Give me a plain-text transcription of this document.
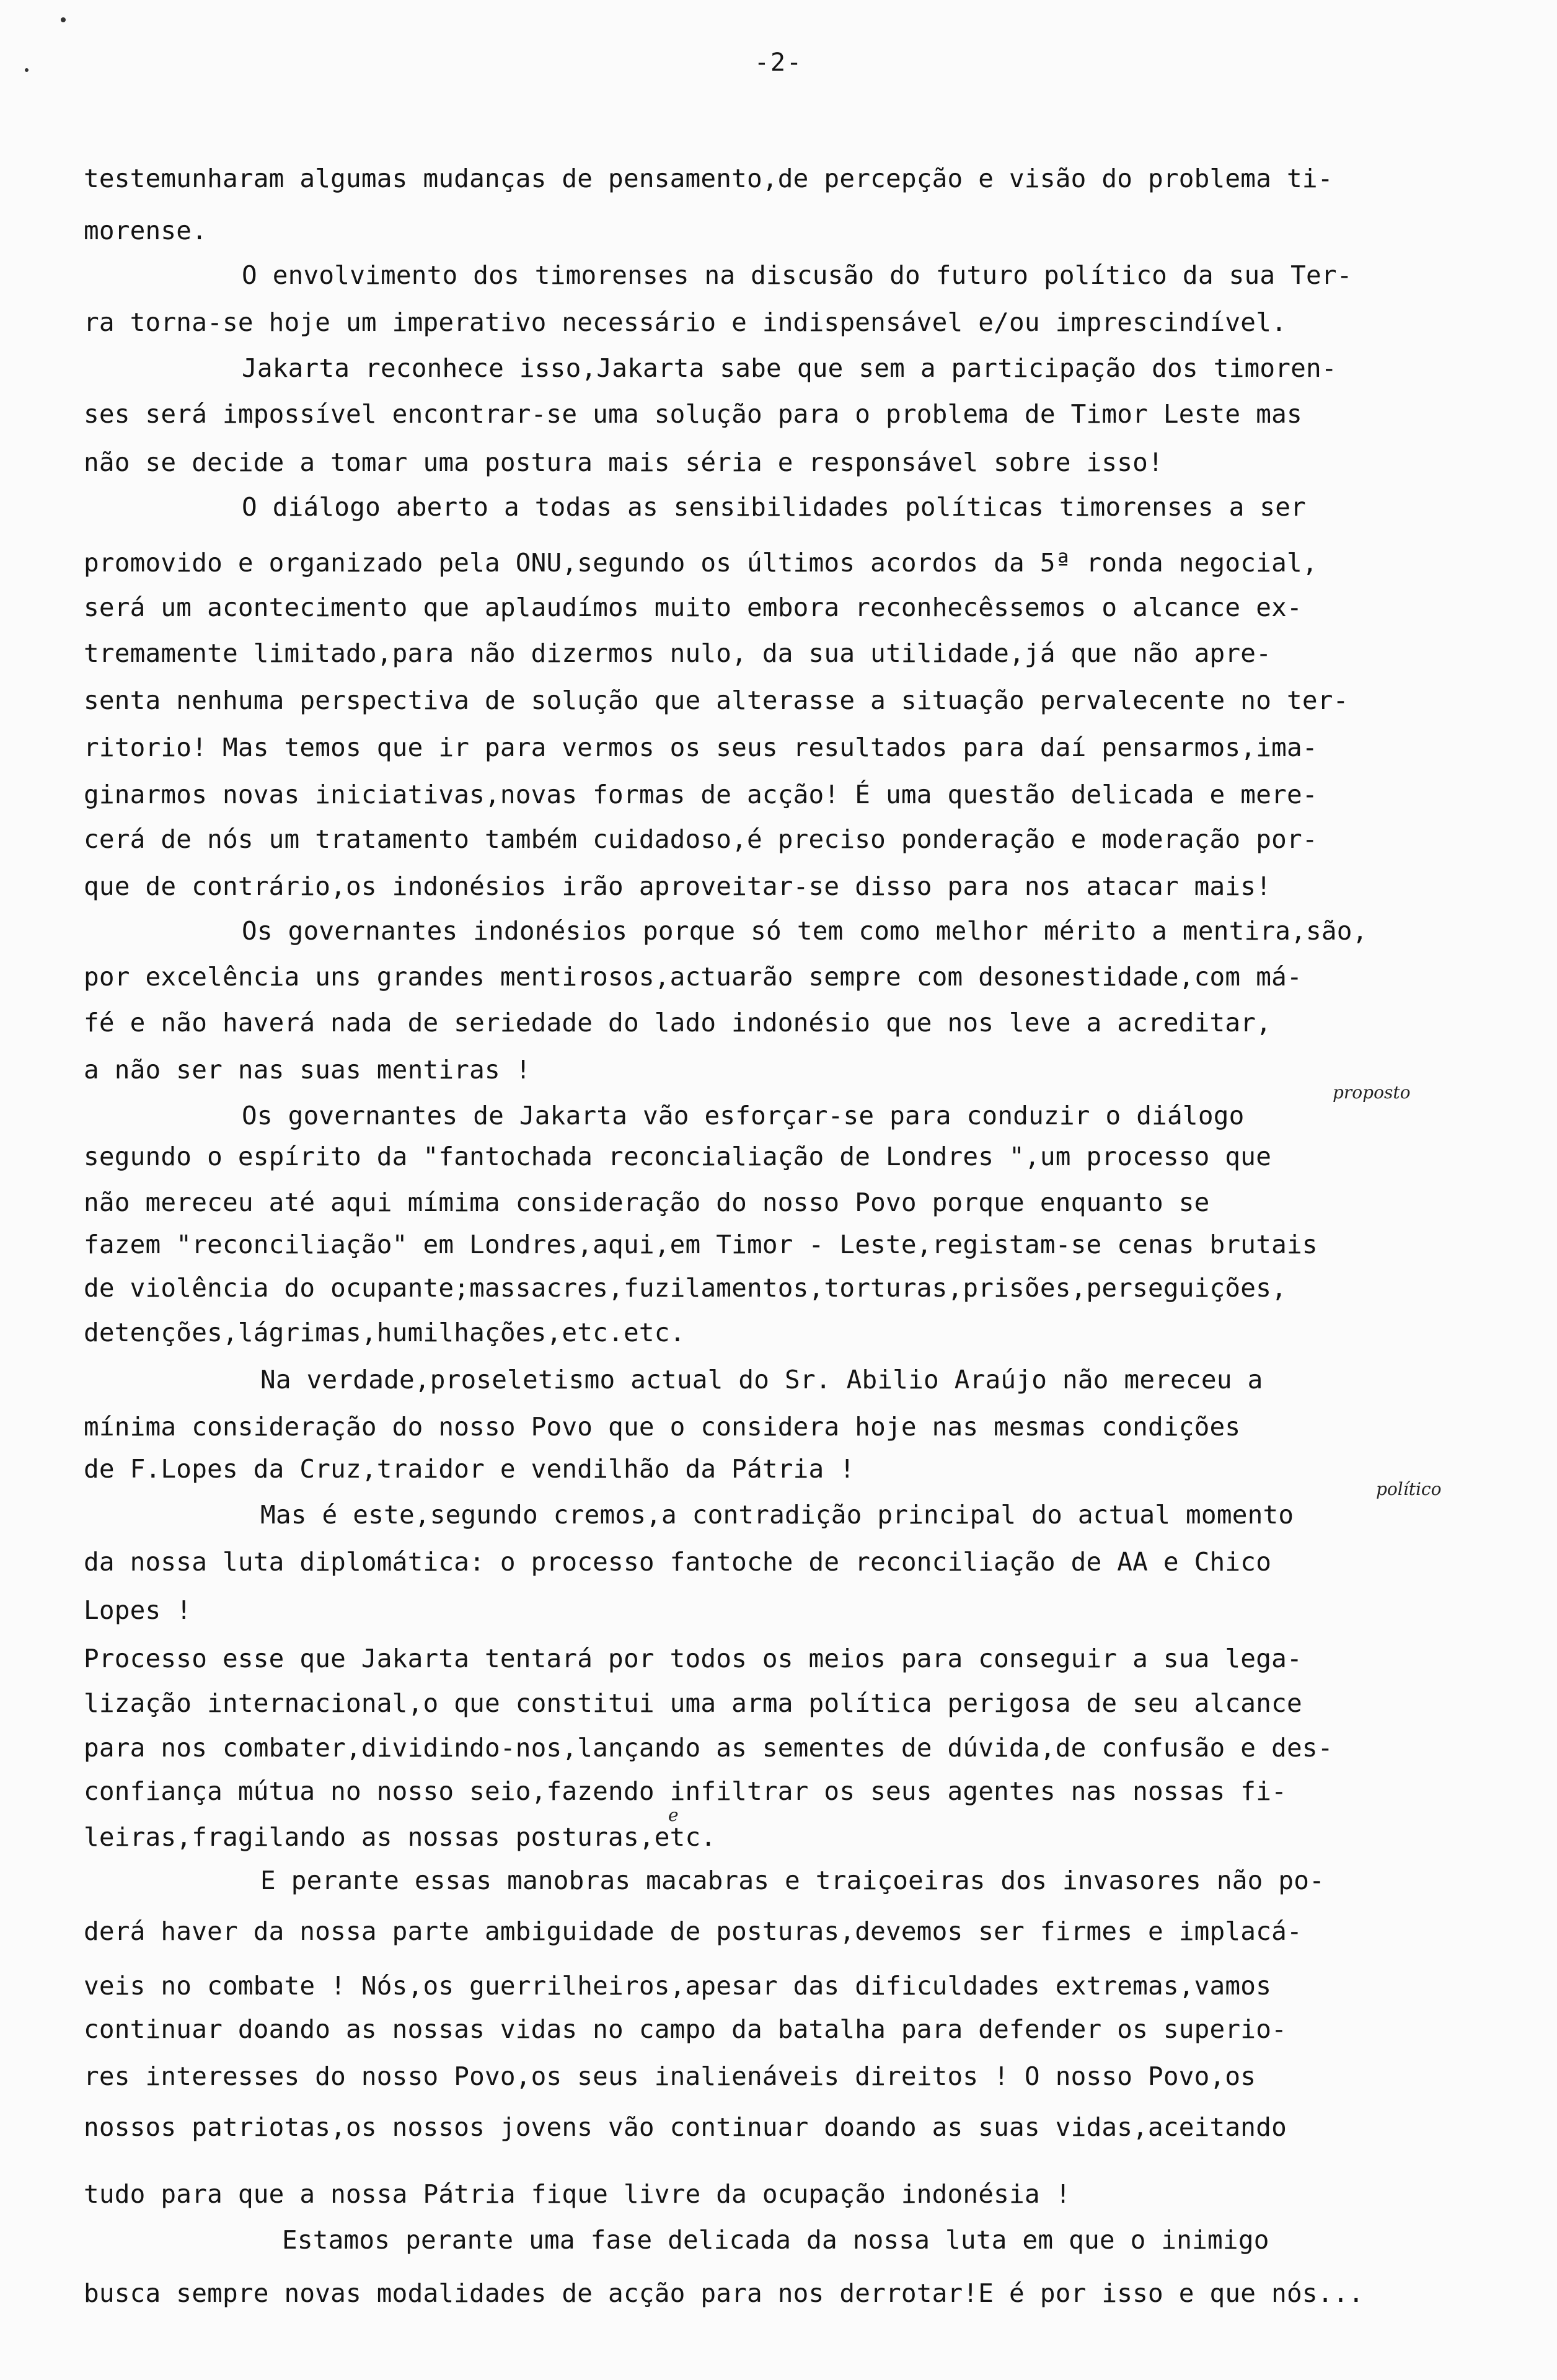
-2-
testemunharam algumas mudanças de pensamento,de percepção e visão do problema ti-
morense.
O envolvimento dos timorenses na discusão do futuro político da sua Ter-
ra torna-se hoje um imperativo necessário e indispensável e/ou imprescindível.
Jakarta reconhece isso,Jakarta sabe que sem a participação dos timoren-
ses será impossível encontrar-se uma solução para o problema de Timor Leste mas
não se decide a tomar uma postura mais séria e responsável sobre isso!
O diálogo aberto a todas as sensibilidades políticas timorenses a ser
promovido e organizado pela ONU,segundo os últimos acordos da 5ª ronda negocial,
será um acontecimento que aplaudímos muito embora reconhecêssemos o alcance ex-
tremamente limitado,para não dizermos nulo, da sua utilidade,já que não apre-
senta nenhuma perspectiva de solução que alterasse a situação pervalecente no ter-
ritorio! Mas temos que ir para vermos os seus resultados para daí pensarmos,ima-
ginarmos novas iniciativas,novas formas de acção! É uma questão delicada e mere-
cerá de nós um tratamento também cuidadoso,é preciso ponderação e moderação por-
que de contrário,os indonésios irão aproveitar-se disso para nos atacar mais!
Os governantes indonésios porque só tem como melhor mérito a mentira,são,
por excelência uns grandes mentirosos,actuarão sempre com desonestidade,com má-
fé e não haverá nada de seriedade do lado indonésio que nos leve a acreditar,
a não ser nas suas mentiras !
Os governantes de Jakarta vão esforçar-se para conduzir o diálogo
segundo o espírito da "fantochada reconcialiação de Londres ",um processo que
não mereceu até aqui mímima consideração do nosso Povo porque enquanto se
fazem "reconciliação" em Londres,aqui,em Timor - Leste,registam-se cenas brutais
de violência do ocupante;massacres,fuzilamentos,torturas,prisões,perseguições,
detenções,lágrimas,humilhações,etc.etc.
Na verdade,proseletismo actual do Sr. Abilio Araújo não mereceu a
mínima consideração do nosso Povo que o considera hoje nas mesmas condições
de F.Lopes da Cruz,traidor e vendilhão da Pátria !
Mas é este,segundo cremos,a contradição principal do actual momento
da nossa luta diplomática: o processo fantoche de reconciliação de AA e Chico
Lopes !
Processo esse que Jakarta tentará por todos os meios para conseguir a sua lega-
lização internacional,o que constitui uma arma política perigosa de seu alcance
para nos combater,dividindo-nos,lançando as sementes de dúvida,de confusão e des-
confiança mútua no nosso seio,fazendo infiltrar os seus agentes nas nossas fi-
leiras,fragilando as nossas posturas,etc.
E perante essas manobras macabras e traiçoeiras dos invasores não po-
derá haver da nossa parte ambiguidade de posturas,devemos ser firmes e implacá-
veis no combate ! Nós,os guerrilheiros,apesar das dificuldades extremas,vamos
continuar doando as nossas vidas no campo da batalha para defender os superio-
res interesses do nosso Povo,os seus inalienáveis direitos ! O nosso Povo,os
nossos patriotas,os nossos jovens vão continuar doando as suas vidas,aceitando
tudo para que a nossa Pátria fique livre da ocupação indonésia !
Estamos perante uma fase delicada da nossa luta em que o inimigo
busca sempre novas modalidades de acção para nos derrotar!E é por isso e que nós...
proposto
político
e
